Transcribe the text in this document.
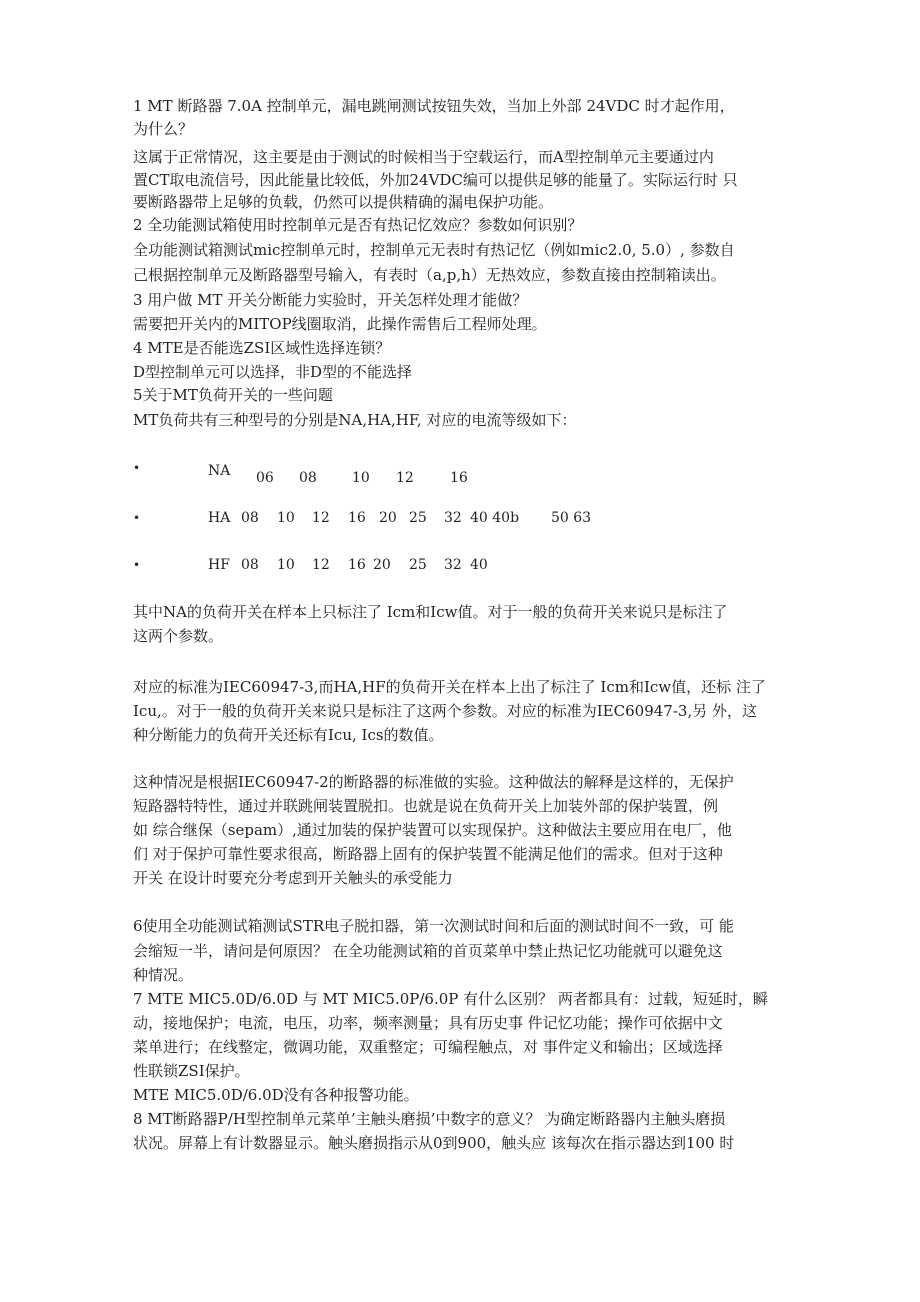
1 MT 断路器 7.0A 控制单元，漏电跳闸测试按钮失效，当加上外部 24VDC 时才起作用，
为什么？
这属于正常情况，这主要是由于测试的时候相当于空载运行，而A型控制单元主要通过内
置CT取电流信号，因此能量比较低，外加24VDC编可以提供足够的能量了。实际运行时 只
要断路器带上足够的负载，仍然可以提供精确的漏电保护功能。
2 全功能测试箱使用时控制单元是否有热记忆效应？参数如何识别？
全功能测试箱测试mic控制单元时，控制单元无表时有热记忆（例如mic2.0, 5.0）, 参数自
己根据控制单元及断路器型号输入，有表时（a,p,h）无热效应，参数直接由控制箱读出。
3 用户做 MT 开关分断能力实验时，开关怎样处理才能做？
需要把开关内的MITOP线圈取消，此操作需售后工程师处理。
4 MTE是否能选ZSI区域性选择连锁？
D型控制单元可以选择，非D型的不能选择
5关于MT负荷开关的一些问题
MT负荷共有三种型号的分别是NA,HA,HF, 对应的电流等级如下：
•	NA 06 08	10 12	16
•	HA 08 10 12 16 20 25 32 40 40b 50 63
•	HF 08 10 12 16 20 25 32 40
其中NA的负荷开关在样本上只标注了 Icm和Icw值。对于一般的负荷开关来说只是标注了
这两个参数。
对应的标准为IEC60947-3,而HA,HF的负荷开关在样本上出了标注了 Icm和Icw值，还标 注了
Icu,。对于一般的负荷开关来说只是标注了这两个参数。对应的标准为IEC60947-3,另 外，这
种分断能力的负荷开关还标有Icu, Ics的数值。
这种情况是根据IEC60947-2的断路器的标准做的实验。这种做法的解释是这样的，无保护
短路器特特性，通过并联跳闸装置脱扣。也就是说在负荷开关上加装外部的保护装置，例
如 综合继保（sepam）,通过加装的保护装置可以实现保护。这种做法主要应用在电厂，他
们 对于保护可靠性要求很高，断路器上固有的保护装置不能满足他们的需求。但对于这种
开关 在设计时要充分考虑到开关触头的承受能力
6使用全功能测试箱测试STR电子脱扣器，第一次测试时间和后面的测试时间不一致，可 能
会缩短一半，请问是何原因？ 在全功能测试箱的首页菜单中禁止热记忆功能就可以避免这
种情况。
7 MTE MIC5.0D/6.0D 与 MT MIC5.0P/6.0P 有什么区别？ 两者都具有：过载，短延时，瞬
动，接地保护；电流，电压，功率，频率测量；具有历史事 件记忆功能；操作可依据中文
菜单进行；在线整定，微调功能，双重整定；可编程触点，对 事件定义和输出；区域选择
性联锁ZSI保护。
MTE MIC5.0D/6.0D没有各种报警功能。
8 MT断路器P/H型控制单元菜单’主触头磨损’中数字的意义？ 为确定断路器内主触头磨损
状况。屏幕上有计数器显示。触头磨损指示从0到900，触头应 该每次在指示器达到100 时
